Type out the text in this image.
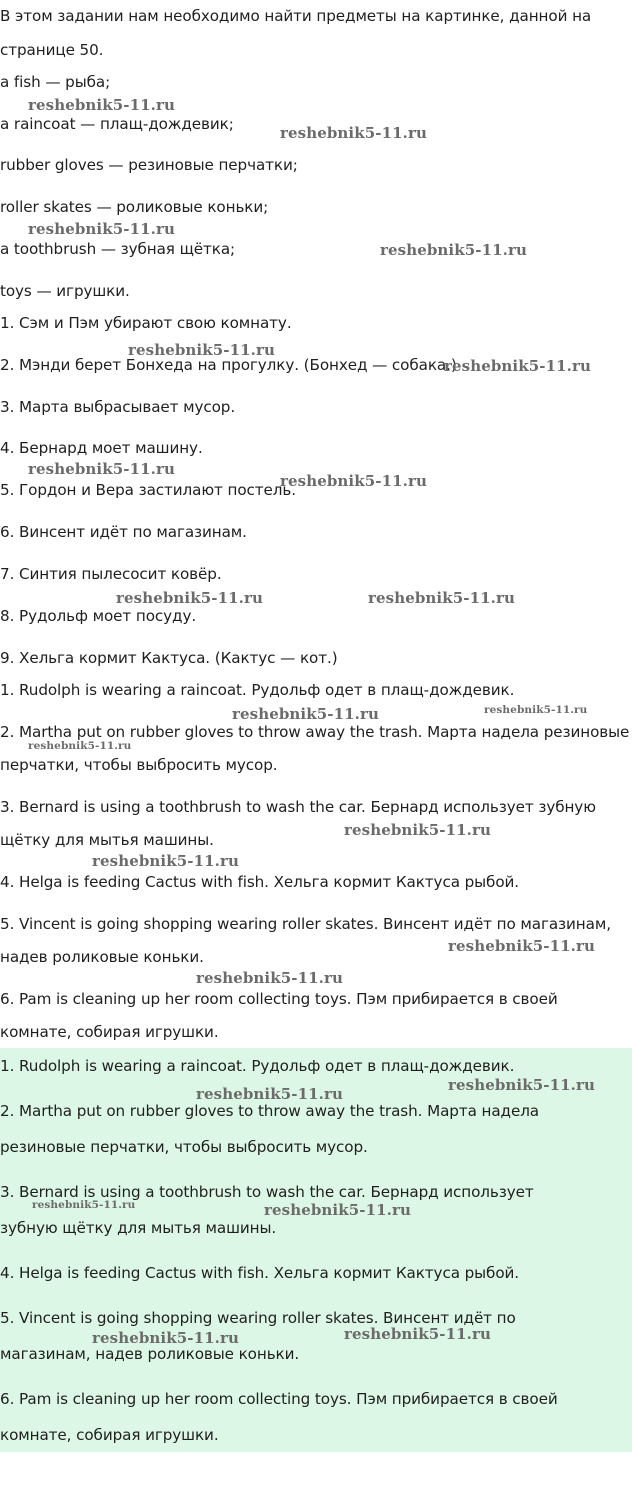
В этом задании нам необходимо найти предметы на картинке, данной на
странице 50.
a fish — рыба;
a raincoat — плащ-дождевик;
rubber gloves — резиновые перчатки;
roller skates — роликовые коньки;
a toothbrush — зубная щётка;
toys — игрушки.
1. Сэм и Пэм убирают свою комнату.
2. Мэнди берет Бонхеда на прогулку. (Бонхед — собака.)
3. Марта выбрасывает мусор.
4. Бернард моет машину.
5. Гордон и Вера застилают постель.
6. Винсент идёт по магазинам.
7. Синтия пылесосит ковёр.
8. Рудольф моет посуду.
9. Хельга кормит Кактуса. (Кактус — кот.)
1. Rudolph is wearing a raincoat. Рудольф одет в плащ-дождевик.
2. Martha put on rubber gloves to throw away the trash. Марта надела резиновые
перчатки, чтобы выбросить мусор.
3. Bernard is using a toothbrush to wash the car. Бернард использует зубную
щётку для мытья машины.
4. Helga is feeding Cactus with fish. Хельга кормит Кактуса рыбой.
5. Vincent is going shopping wearing roller skates. Винсент идёт по магазинам,
надев роликовые коньки.
6. Pam is cleaning up her room collecting toys. Пэм прибирается в своей
комнате, собирая игрушки.
1. Rudolph is wearing a raincoat. Рудольф одет в плащ-дождевик.
2. Martha put on rubber gloves to throw away the trash. Марта надела
резиновые перчатки, чтобы выбросить мусор.
3. Bernard is using a toothbrush to wash the car. Бернард использует
зубную щётку для мытья машины.
4. Helga is feeding Cactus with fish. Хельга кормит Кактуса рыбой.
5. Vincent is going shopping wearing roller skates. Винсент идёт по
магазинам, надев роликовые коньки.
6. Pam is cleaning up her room collecting toys. Пэм прибирается в своей
комнате, собирая игрушки.
reshebnik5-11.ru
reshebnik5-11.ru
reshebnik5-11.ru
reshebnik5-11.ru
reshebnik5-11.ru
reshebnik5-11.ru
reshebnik5-11.ru
reshebnik5-11.ru
reshebnik5-11.ru	reshebnik5-11.ru
reshebnik5-11.ru	reshebnik5-11.ru
reshebnik5-11.ru
reshebnik5-11.ru
reshebnik5-11.ru
reshebnik5-11.ru
reshebnik5-11.ru
reshebnik5-11.ru
reshebnik5-11.ru
reshebnik5-11.ru	reshebnik5-11.ru
reshebnik5-11.ru
reshebnik5-11.ru
